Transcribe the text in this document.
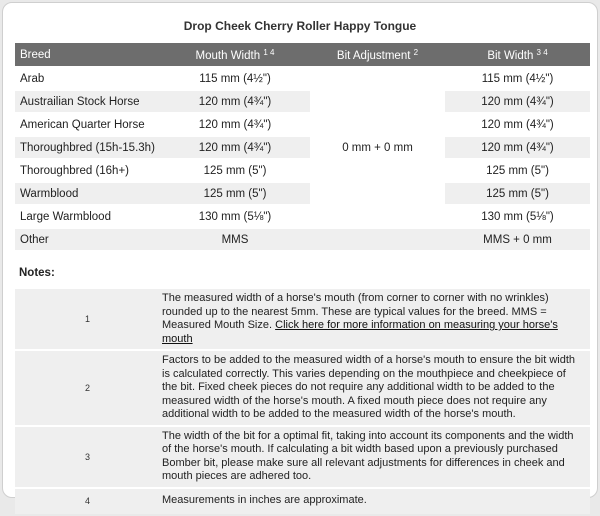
Drop Cheek Cherry Roller Happy Tongue
Breed	Mouth Width $^{1 4}$	Bit Adjustment $^2$	Bit Width $^{3 4}$
Arab	115 mm (4½")	0 mm + 0 mm	115 mm (4½")
Austrailian Stock Horse	120 mm (4¾")		120 mm (4¾")
American Quarter Horse	120 mm (4¾")		120 mm (4¾")
Thoroughbred (15h-15.3h)	120 mm (4¾")		120 mm (4¾")
Thoroughbred (16h+)	125 mm (5")		125 mm (5")
Warmblood	125 mm (5")		125 mm (5")
Large Warmblood	130 mm (5⅛")		130 mm (5⅛")
Other	MMS		MMS + 0 mm
Notes:
1	The measured width of a horse's mouth (from corner to corner with no wrinkles) rounded up to the nearest 5mm. These are typical values for the breed. MMS = Measured Mouth Size. Click here for more information on measuring your horse's mouth
2	Factors to be added to the measured width of a horse's mouth to ensure the bit width is calculated correctly. This varies depending on the mouthpiece and cheekpiece of the bit. Fixed cheek pieces do not require any additional width to be added to the measured width of the horse's mouth. A fixed mouth piece does not require any additional width to be added to the measured width of the horse's mouth.
3	The width of the bit for a optimal fit, taking into account its components and the width of the horse's mouth. If calculating a bit width based upon a previously purchased Bomber bit, please make sure all relevant adjustments for differences in cheek and mouth pieces are adhered too.
4	Measurements in inches are approximate.
